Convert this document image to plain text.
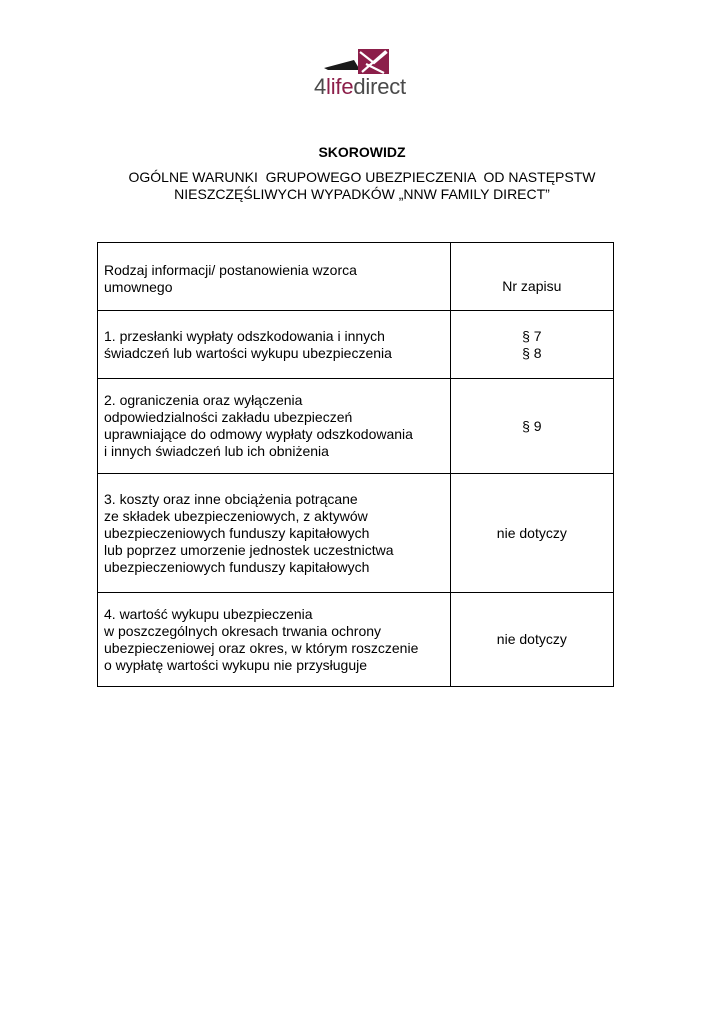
4lifedirect
SKOROWIDZ
OGÓLNE WARUNKI  GRUPOWEGO UBEZPIECZENIA  OD NASTĘPSTW
NIESZCZĘŚLIWYCH WYPADKÓW „NNW FAMILY DIRECT”
Rodzaj informacji/ postanowienia wzorca
umownego	Nr zapisu

1. przesłanki wypłaty odszkodowania i innych
świadczeń lub wartości wykupu ubezpieczenia	§ 7
§ 8

2. ograniczenia oraz wyłączenia
odpowiedzialności zakładu ubezpieczeń
uprawniające do odmowy wypłaty odszkodowania
i innych świadczeń lub ich obniżenia	§ 9

3. koszty oraz inne obciążenia potrącane
ze składek ubezpieczeniowych, z aktywów
ubezpieczeniowych funduszy kapitałowych
lub poprzez umorzenie jednostek uczestnictwa
ubezpieczeniowych funduszy kapitałowych	nie dotyczy

4. wartość wykupu ubezpieczenia
w poszczególnych okresach trwania ochrony
ubezpieczeniowej oraz okres, w którym roszczenie
o wypłatę wartości wykupu nie przysługuje	nie dotyczy
